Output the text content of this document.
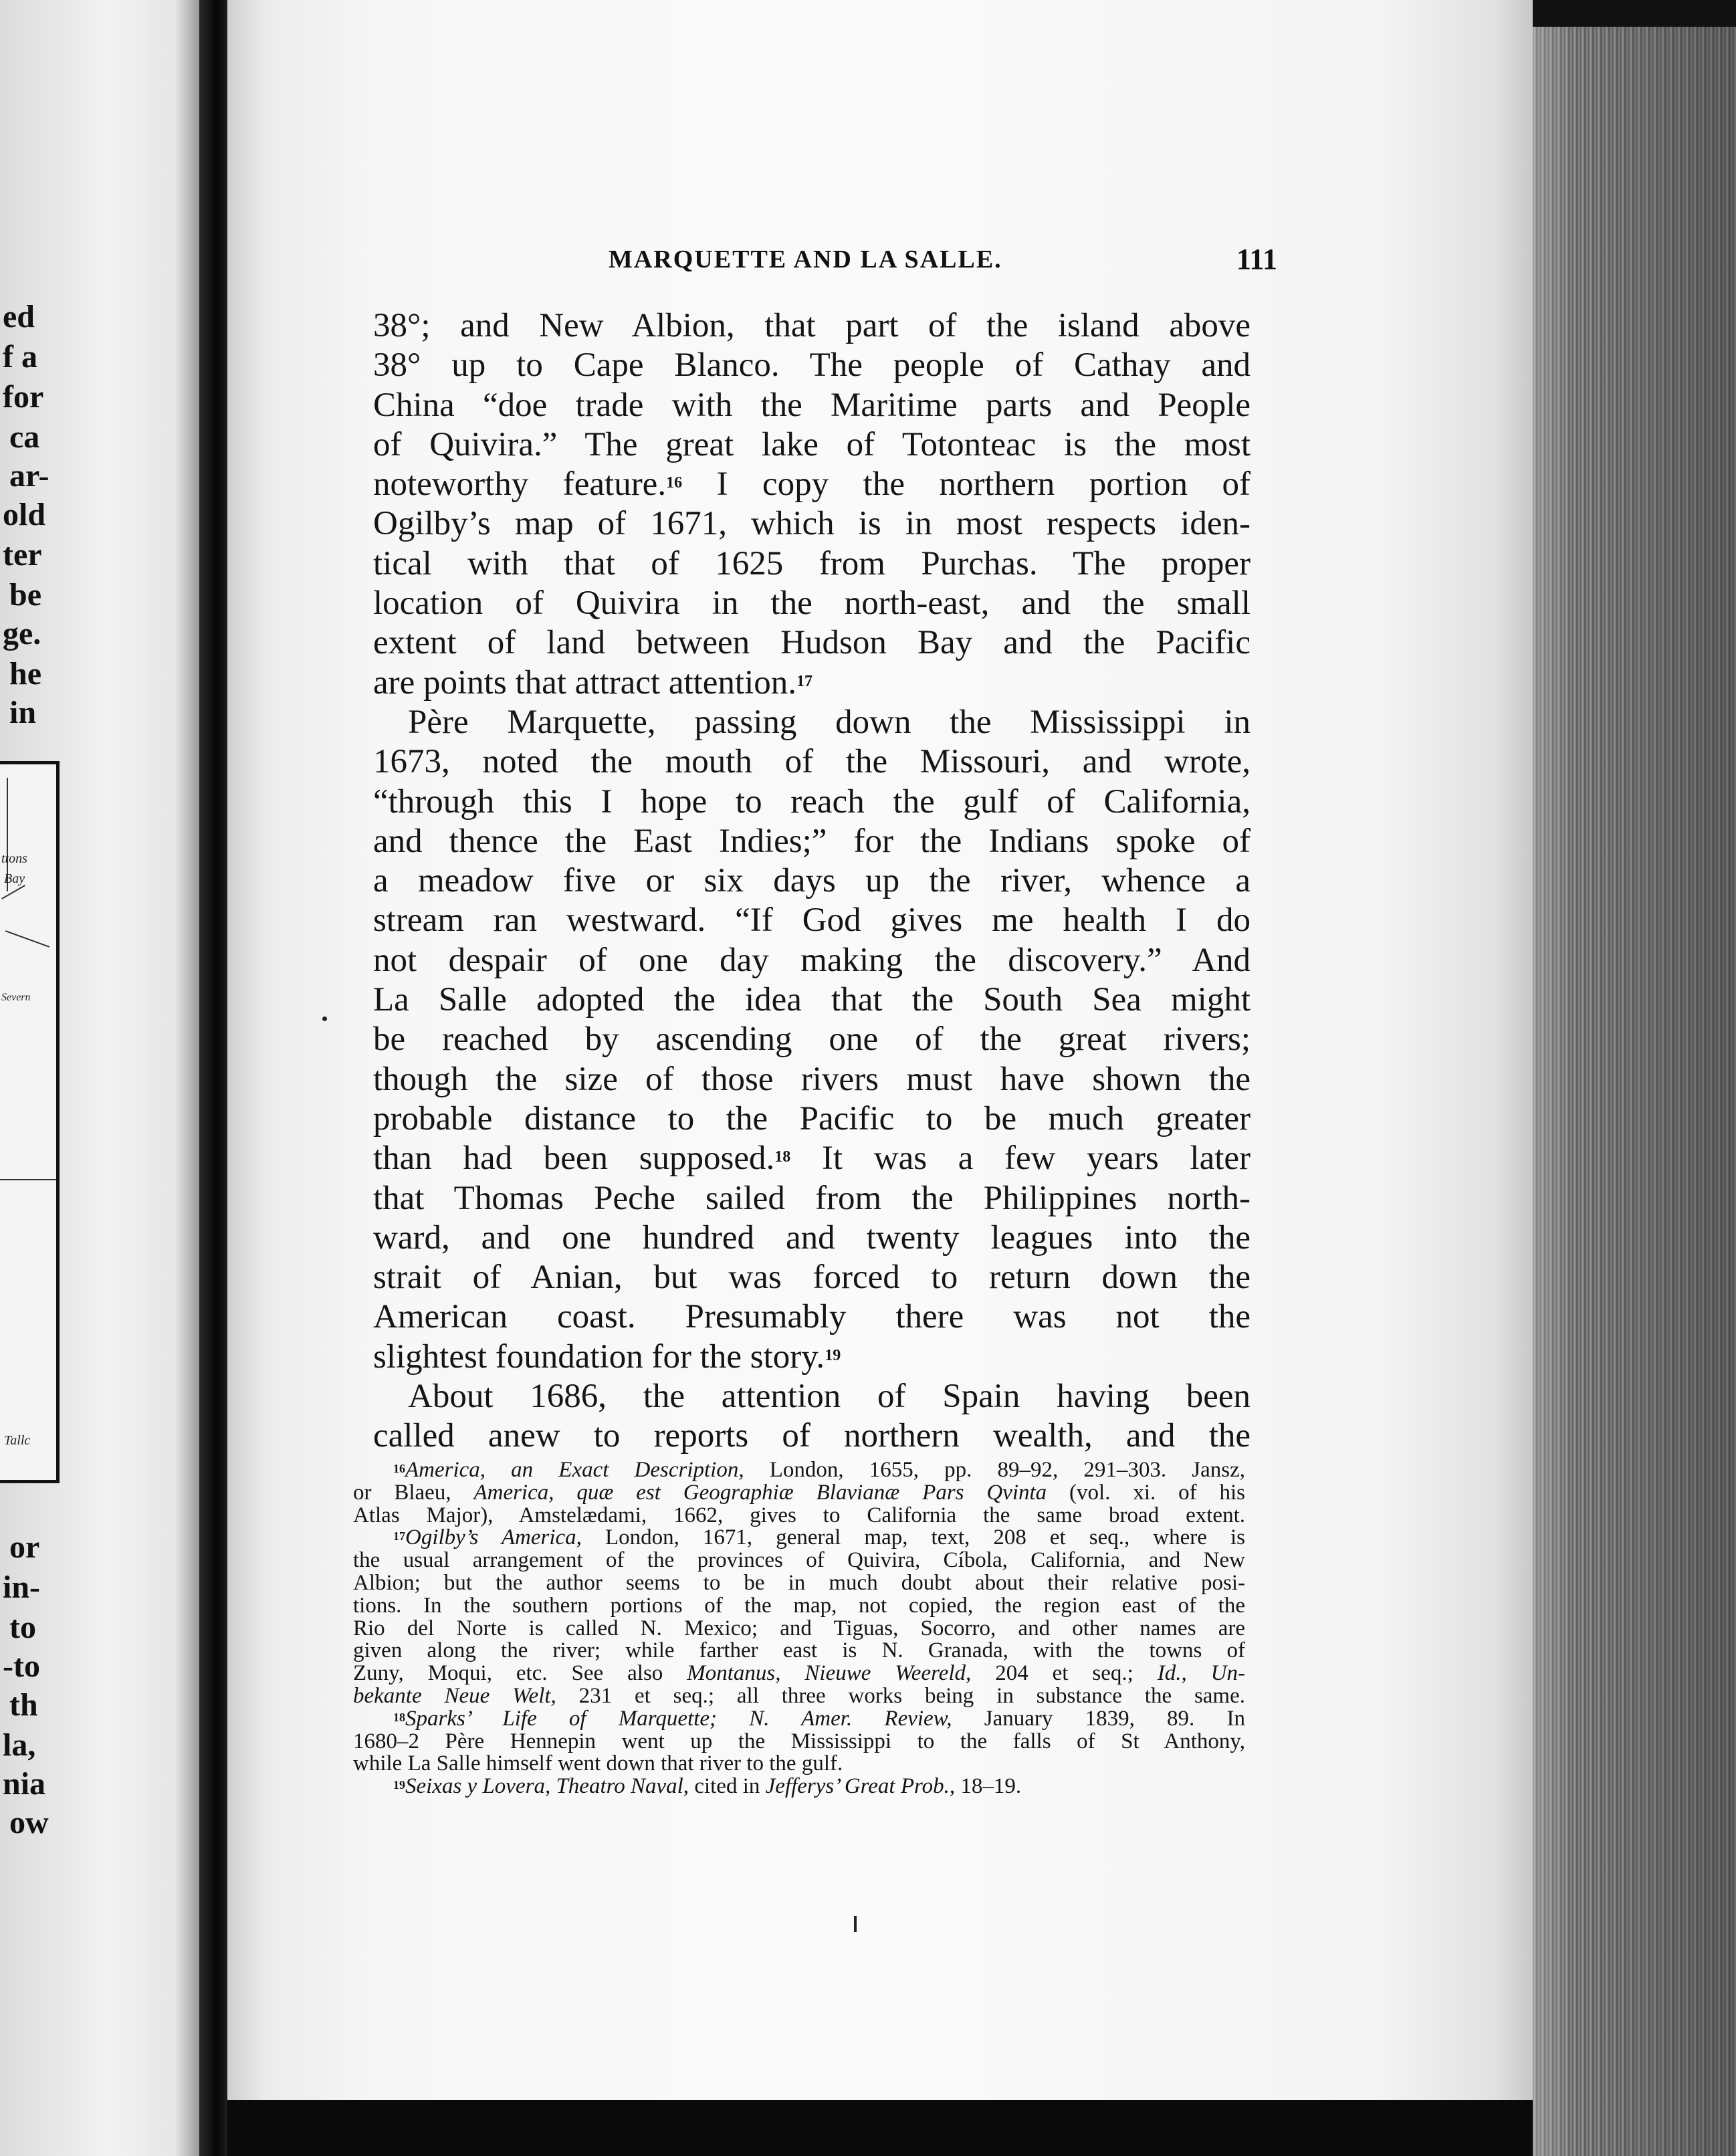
ed
f a
for
ca
ar-
old
ter
be
ge.
he
in
ttons
Bay
Severn
Tallc
or
in-
to
-to
th
la,
nia
ow
MARQUETTE AND LA SALLE.	111
38°; and New Albion, that part of the island above
38° up to Cape Blanco. The people of Cathay and
China “doe trade with the Maritime parts and People
of Quivira.” The great lake of Totonteac is the most
noteworthy feature.$^{16}$ I copy the northern portion of
Ogilby’s map of 1671, which is in most respects iden-
tical with that of 1625 from Purchas. The proper
location of Quivira in the north-east, and the small
extent of land between Hudson Bay and the Pacific
are points that attract attention.$^{17}$
Père Marquette, passing down the Mississippi in
1673, noted the mouth of the Missouri, and wrote,
“through this I hope to reach the gulf of California,
and thence the East Indies;” for the Indians spoke of
a meadow five or six days up the river, whence a
stream ran westward. “If God gives me health I do
not despair of one day making the discovery.” And
La Salle adopted the idea that the South Sea might
be reached by ascending one of the great rivers;
though the size of those rivers must have shown the
probable distance to the Pacific to be much greater
than had been supposed.$^{18}$ It was a few years later
that Thomas Peche sailed from the Philippines north-
ward, and one hundred and twenty leagues into the
strait of Anian, but was forced to return down the
American coast. Presumably there was not the
slightest foundation for the story.$^{19}$
About 1686, the attention of Spain having been
called anew to reports of northern wealth, and the
$^{16}$America, an Exact Description, London, 1655, pp. 89–92, 291–303. Jansz,
or Blaeu, America, quæ est Geographiæ Blavianæ Pars Qvinta (vol. xi. of his
Atlas Major), Amstelædami, 1662, gives to California the same broad extent.
$^{17}$Ogilby’s America, London, 1671, general map, text, 208 et seq., where is
the usual arrangement of the provinces of Quivira, Cíbola, California, and New
Albion; but the author seems to be in much doubt about their relative posi-
tions. In the southern portions of the map, not copied, the region east of the
Rio del Norte is called N. Mexico; and Tiguas, Socorro, and other names are
given along the river; while farther east is N. Granada, with the towns of
Zuny, Moqui, etc. See also Montanus, Nieuwe Weereld, 204 et seq.; Id., Un-
bekante Neue Welt, 231 et seq.; all three works being in substance the same.
$^{18}$Sparks’ Life of Marquette; N. Amer. Review, January 1839, 89. In
1680–2 Père Hennepin went up the Mississippi to the falls of St Anthony,
while La Salle himself went down that river to the gulf.
$^{19}$Seixas y Lovera, Theatro Naval, cited in Jefferys’ Great Prob., 18–19.
